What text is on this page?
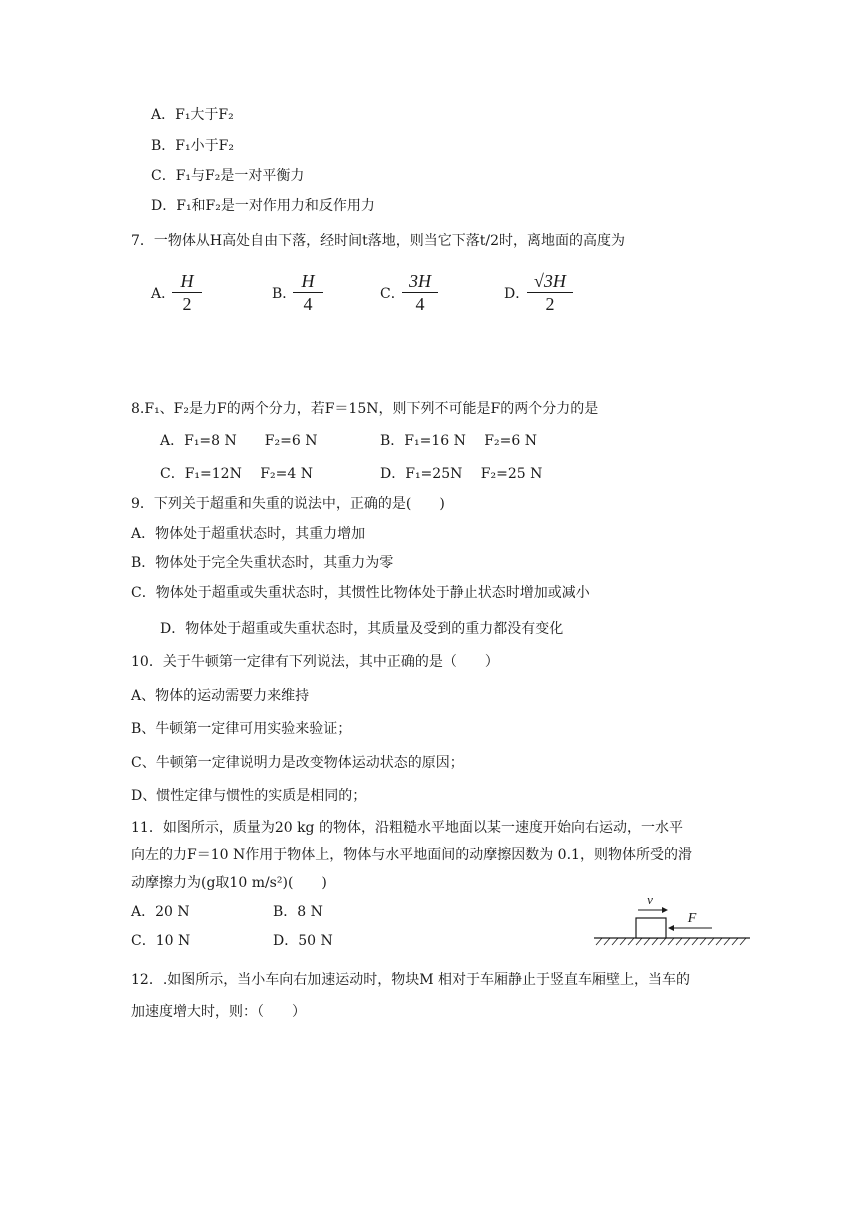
A．F₁大于F₂
B．F₁小于F₂
C．F₁与F₂是一对平衡力
D．F₁和F₂是一对作用力和反作用力
7．一物体从H高处自由下落，经时间t落地，则当它下落t/2时，离地面的高度为
A．
$\frac{H}{2}$	B．
$\frac{H}{4}$	C．
$\frac{3H}{4}$	D．
$\frac{√3H}{2}$
8.F₁、F₂是力F的两个分力，若F＝15N，则下列不可能是F的两个分力的是
A．F₁=8 N　　F₂=6 N	B．F₁=16 N　 F₂=6 N
C．F₁=12N　 F₂=4 N	D．F₁=25N　 F₂=25 N
9．下列关于超重和失重的说法中，正确的是(　　)
A．物体处于超重状态时，其重力增加
B．物体处于完全失重状态时，其重力为零
C．物体处于超重或失重状态时，其惯性比物体处于静止状态时增加或减小
D．物体处于超重或失重状态时，其质量及受到的重力都没有变化
10．关于牛顿第一定律有下列说法，其中正确的是（　　）
A、物体的运动需要力来维持
B、牛顿第一定律可用实验来验证；
C、牛顿第一定律说明力是改变物体运动状态的原因；
D、惯性定律与惯性的实质是相同的；
11．如图所示，质量为20 kg 的物体，沿粗糙水平地面以某一速度开始向右运动，一水平
向左的力F＝10 N作用于物体上，物体与水平地面间的动摩擦因数为 0.1，则物体所受的滑
动摩擦力为(g取10 m/s²)(　　)
A．20 N	B．8 N
C．10 N	D．50 N
v
F
12．.如图所示，当小车向右加速运动时，物块M 相对于车厢静止于竖直车厢壁上，当车的
加速度增大时，则：（　　）
